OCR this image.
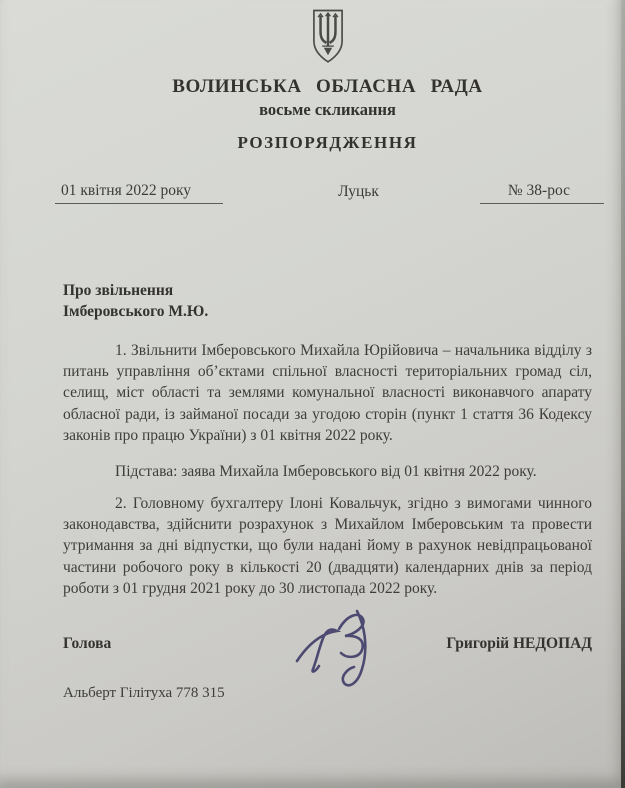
ВОЛИНСЬКА ОБЛАСНА РАДА
восьме скликання
РОЗПОРЯДЖЕННЯ
01 квітня 2022 року	Луцьк	№ 38-рос
Про звільнення
Імберовського М.Ю.

1. Звільнити Імберовського Михайла Юрійовича – начальника відділу з питань управління об’єктами спільної власності територіальних громад сіл, селищ, міст області та землями комунальної власності виконавчого апарату обласної ради, із займаної посади за угодою сторін (пункт 1 стаття 36 Кодексу законів про працю України) з 01 квітня 2022 року.

Підстава: заява Михайла Імберовського від 01 квітня 2022 року.

2. Головному бухгалтеру Ілоні Ковальчук, згідно з вимогами чинного законодавства, здійснити розрахунок з Михайлом Імберовським та провести утримання за дні відпустки, що були надані йому в рахунок невідпрацьованої частини робочого року в кількості 20 (двадцяти) календарних днів за період роботи з 01 грудня 2021 року до 30 листопада 2022 року.

Голова	Григорій НЕДОПАД
Альберт Гілітуха 778 315
